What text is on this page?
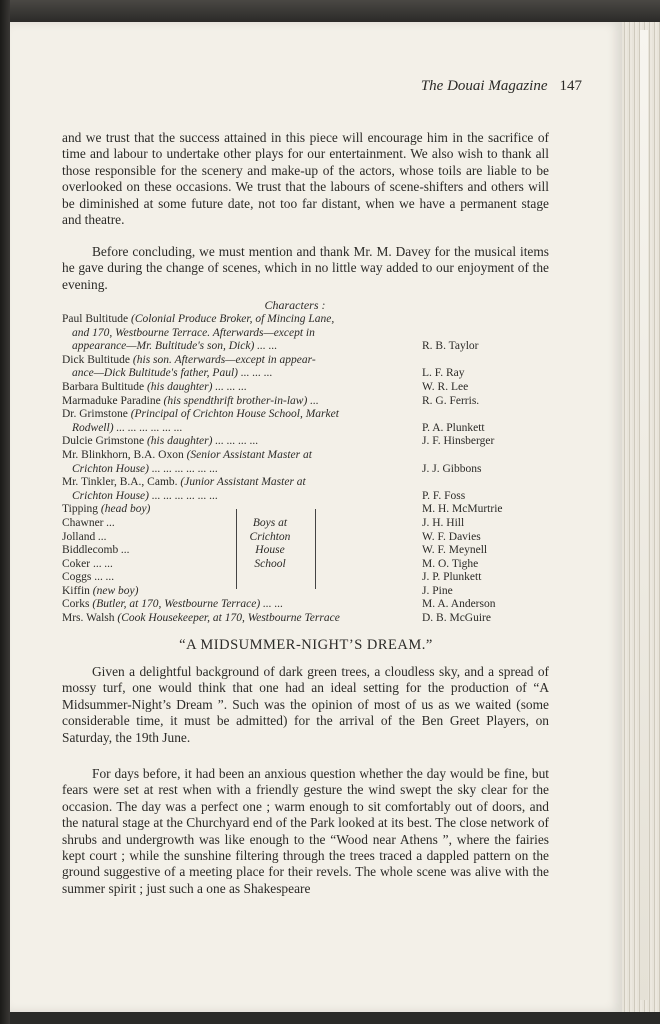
The Douai Magazine 147
and we trust that the success attained in this piece will encourage him in the sacrifice of time and labour to undertake other plays for our entertainment. We also wish to thank all those responsible for the scenery and make-up of the actors, whose toils are liable to be overlooked on these occasions. We trust that the labours of scene-shifters and others will be diminished at some future date, not too far distant, when we have a permanent stage and theatre.
Before concluding, we must mention and thank Mr. M. Davey for the musical items he gave during the change of scenes, which in no little way added to our enjoyment of the evening.
Characters :
Boys at
Crichton
House
School
Paul Bultitude (Colonial Produce Broker, of Mincing Lane,
and 170, Westbourne Terrace. Afterwards—except in
appearance—Mr. Bultitude's son, Dick) ... ...	R. B. Taylor
Dick Bultitude (his son. Afterwards—except in appear-
ance—Dick Bultitude's father, Paul) ... ... ...	L. F. Ray
Barbara Bultitude (his daughter) ... ... ...	W. R. Lee
Marmaduke Paradine (his spendthrift brother-in-law) ...	R. G. Ferris.
Dr. Grimstone (Principal of Crichton House School, Market
Rodwell) ... ... ... ... ... ...	P. A. Plunkett
Dulcie Grimstone (his daughter) ... ... ... ...	J. F. Hinsberger
Mr. Blinkhorn, B.A. Oxon (Senior Assistant Master at
Crichton House) ... ... ... ... ... ...	J. J. Gibbons
Mr. Tinkler, B.A., Camb. (Junior Assistant Master at
Crichton House) ... ... ... ... ... ...	P. F. Foss
Tipping (head boy)	M. H. McMurtrie
Chawner ...	J. H. Hill
Jolland ...	W. F. Davies
Biddlecomb ...	W. F. Meynell
Coker ... ...	M. O. Tighe
Coggs ... ...	J. P. Plunkett
Kiffin (new boy)	J. Pine
Corks (Butler, at 170, Westbourne Terrace) ... ...	M. A. Anderson
Mrs. Walsh (Cook Housekeeper, at 170, Westbourne Terrace	D. B. McGuire
“A MIDSUMMER-NIGHT’S DREAM.”
Given a delightful background of dark green trees, a cloudless sky, and a spread of mossy turf, one would think that one had an ideal setting for the production of “A Midsummer-Night’s Dream ”. Such was the opinion of most of us as we waited (some considerable time, it must be admitted) for the arrival of the Ben Greet Players, on Saturday, the 19th June.
For days before, it had been an anxious question whether the day would be fine, but fears were set at rest when with a friendly gesture the wind swept the sky clear for the occasion. The day was a perfect one ; warm enough to sit comfortably out of doors, and the natural stage at the Churchyard end of the Park looked at its best. The close network of shrubs and undergrowth was like enough to the “Wood near Athens ”, where the fairies kept court ; while the sunshine filtering through the trees traced a dappled pattern on the ground suggestive of a meeting place for their revels. The whole scene was alive with the summer spirit ; just such a one as Shakespeare
